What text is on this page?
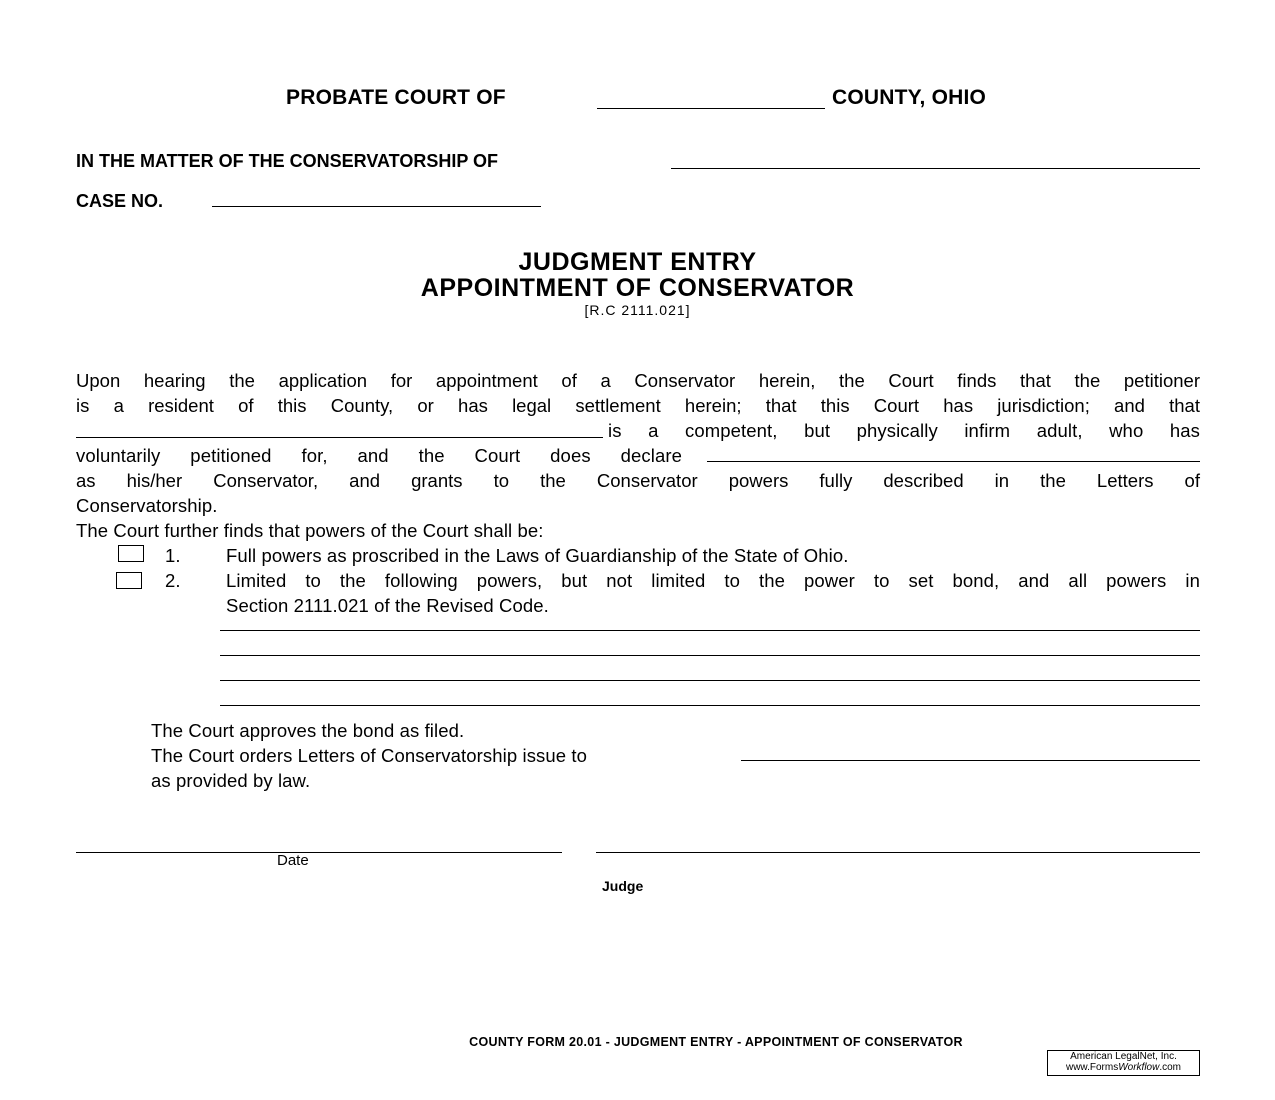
PROBATE COURT OF	COUNTY, OHIO
IN THE MATTER OF THE CONSERVATORSHIP OF
CASE NO.
JUDGMENT ENTRY
APPOINTMENT OF CONSERVATOR
[R.C 2111.021]
Upon hearing the application for appointment of a Conservator herein, the Court finds that the petitioner
is a resident of this County, or has legal settlement herein; that this Court has jurisdiction; and that
is a competent, but physically infirm adult, who has
voluntarily petitioned for, and the Court does declare
as his/her Conservator, and grants to the Conservator powers fully described in the Letters of
Conservatorship.
The Court further finds that powers of the Court shall be:
1. Full powers as proscribed in the Laws of Guardianship of the State of Ohio.
2. Limited to the following powers, but not limited to the power to set bond, and all powers in
Section 2111.021 of the Revised Code.
The Court approves the bond as filed.
The Court orders Letters of Conservatorship issue to
as provided by law.
Date
Judge
COUNTY FORM 20.01 - JUDGMENT ENTRY - APPOINTMENT OF CONSERVATOR
American LegalNet, Inc.
www.FormsWorkflow.com
